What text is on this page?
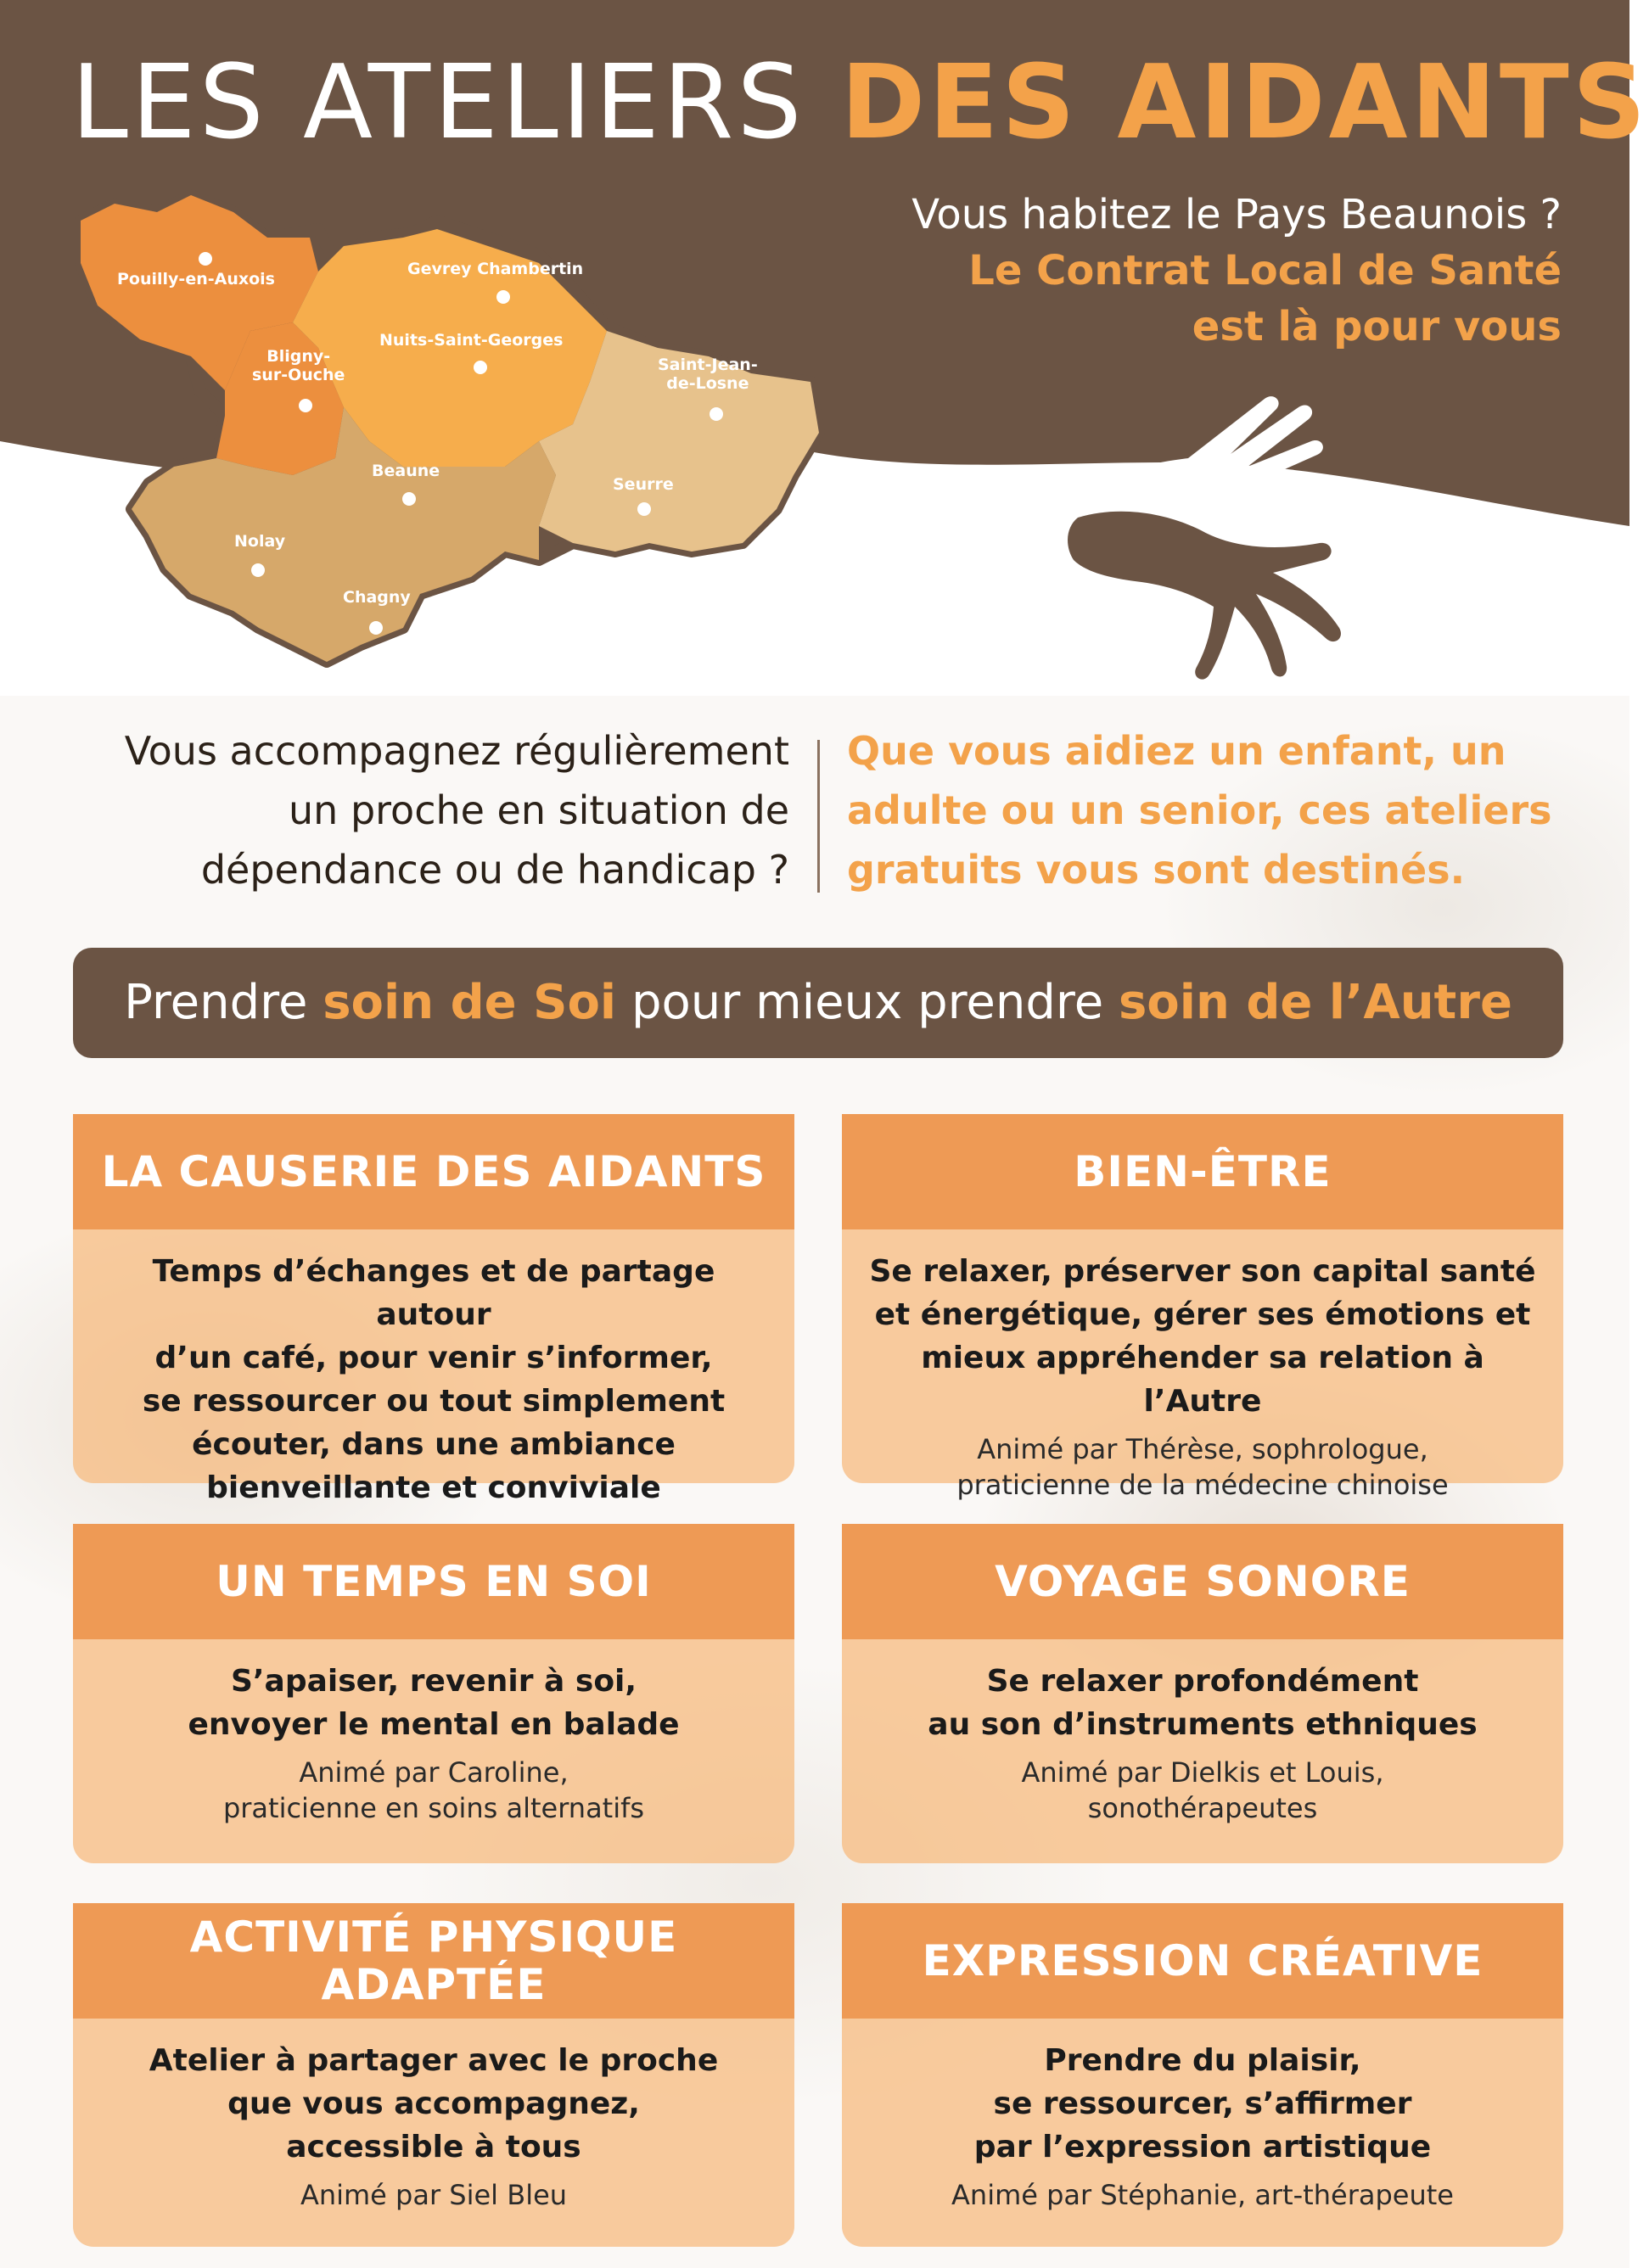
LES ATELIERS DES AIDANTS
Vous habitez le Pays Beaunois ?
Le Contrat Local de Santé
est là pour vous
Pouilly-en-Auxois
Gevrey Chambertin
Bligny-
sur-Ouche
Nuits-Saint-Georges
Saint-Jean-
de-Losne
Beaune
Seurre
Nolay
Chagny
Vous accompagnez régulièrement
un proche en situation de
dépendance ou de handicap ?
Que vous aidiez un enfant, un
adulte ou un senior, ces ateliers
gratuits vous sont destinés.
Prendre soin de Soi pour mieux prendre soin de l’Autre
LA CAUSERIE DES AIDANTS
Temps d’échanges et de partage autour
d’un café, pour venir s’informer,
se ressourcer ou tout simplement
écouter, dans une ambiance
bienveillante et conviviale
BIEN-ÊTRE
Se relaxer, préserver son capital santé
et énergétique, gérer ses émotions et
mieux appréhender sa relation à l’Autre
Animé par Thérèse, sophrologue,
praticienne de la médecine chinoise
UN TEMPS EN SOI
S’apaiser, revenir à soi,
envoyer le mental en balade
Animé par Caroline,
praticienne en soins alternatifs
VOYAGE SONORE
Se relaxer profondément
au son d’instruments ethniques
Animé par Dielkis et Louis,
sonothérapeutes
ACTIVITÉ PHYSIQUE
ADAPTÉE
Atelier à partager avec le proche
que vous accompagnez,
accessible à tous
Animé par Siel Bleu
EXPRESSION CRÉATIVE
Prendre du plaisir,
se ressourcer, s’affirmer
par l’expression artistique
Animé par Stéphanie, art-thérapeute
